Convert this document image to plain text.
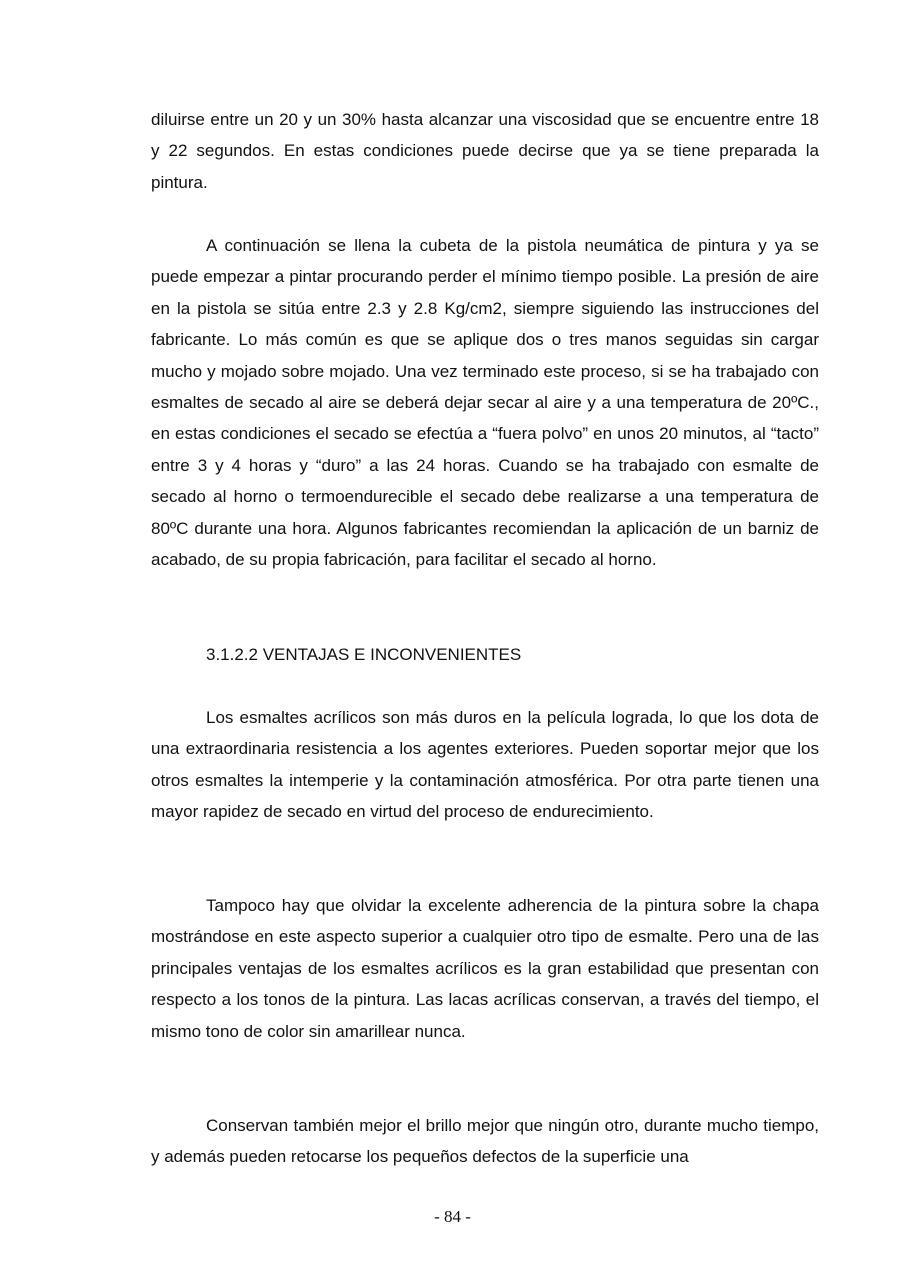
diluirse entre un 20 y un 30% hasta alcanzar una viscosidad que se encuentre entre 18 y 22 segundos. En estas condiciones puede decirse que ya se tiene preparada la pintura.

A continuación se llena la cubeta de la pistola neumática de pintura y ya se puede empezar a pintar procurando perder el mínimo tiempo posible. La presión de aire en la pistola se sitúa entre 2.3 y 2.8 Kg/cm2, siempre siguiendo las instrucciones del fabricante. Lo más común es que se aplique dos o tres manos seguidas sin cargar mucho y mojado sobre mojado. Una vez terminado este proceso, si se ha trabajado con esmaltes de secado al aire se deberá dejar secar al aire y a una temperatura de 20ºC., en estas condiciones el secado se efectúa a “fuera polvo” en unos 20 minutos, al “tacto” entre 3 y 4 horas y “duro” a las 24 horas. Cuando se ha trabajado con esmalte de secado al horno o termoendurecible el secado debe realizarse a una temperatura de 80ºC durante una hora. Algunos fabricantes recomiendan la aplicación de un barniz de acabado, de su propia fabricación, para facilitar el secado al horno.

3.1.2.2 VENTAJAS E INCONVENIENTES

Los esmaltes acrílicos son más duros en la película lograda, lo que los dota de una extraordinaria resistencia a los agentes exteriores. Pueden soportar mejor que los otros esmaltes la intemperie y la contaminación atmosférica. Por otra parte tienen una mayor rapidez de secado en virtud del proceso de endurecimiento.

Tampoco hay que olvidar la excelente adherencia de la pintura sobre la chapa mostrándose en este aspecto superior a cualquier otro tipo de esmalte. Pero una de las principales ventajas de los esmaltes acrílicos es la gran estabilidad que presentan con respecto a los tonos de la pintura. Las lacas acrílicas conservan, a través del tiempo, el mismo tono de color sin amarillear nunca.

Conservan también mejor el brillo mejor que ningún otro, durante mucho tiempo, y además pueden retocarse los pequeños defectos de la superficie una

- 84 -
